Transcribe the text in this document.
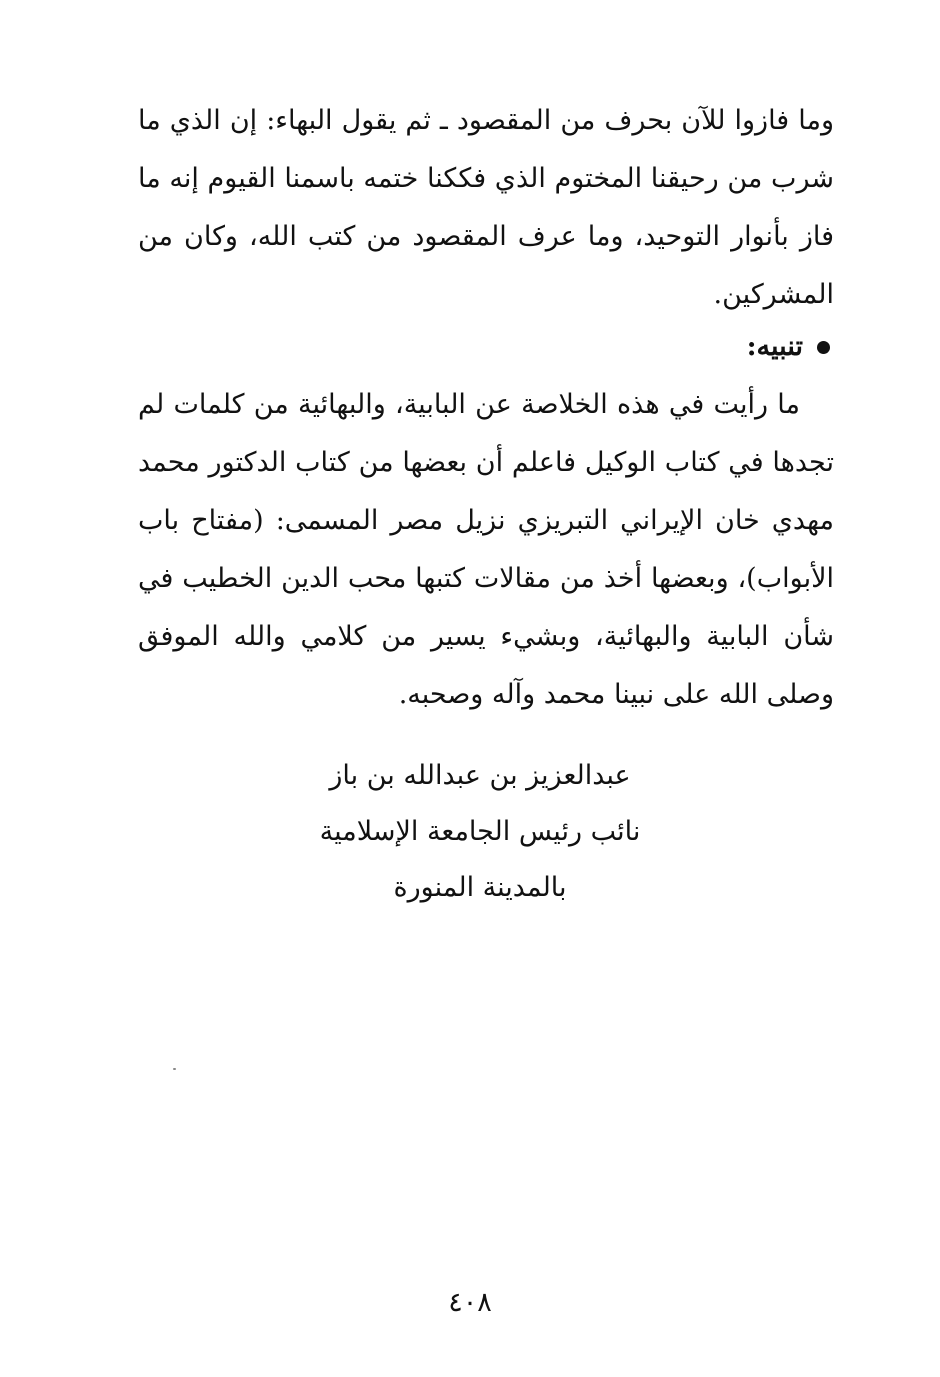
وما فازوا للآن بحرف من المقصود ـ ثم يقول البهاء: إن الذي ما شرب من رحيقنا المختوم الذي فككنا ختمه باسمنا القيوم إنه ما فاز بأنوار التوحيد، وما عرف المقصود من كتب الله، وكان من المشركين.

تنبيه:

ما رأيت في هذه الخلاصة عن البابية، والبهائية من كلمات لم تجدها في كتاب الوكيل فاعلم أن بعضها من كتاب الدكتور محمد مهدي خان الإيراني التبريزي نزيل مصر المسمى: (مفتاح باب الأبواب)، وبعضها أخذ من مقالات كتبها محب الدين الخطيب في شأن البابية والبهائية، وبشيء يسير من كلامي والله الموفق وصلى الله على نبينا محمد وآله وصحبه.

عبدالعزيز بن عبدالله بن باز
نائب رئيس الجامعة الإسلامية
بالمدينة المنورة
٤٠٨
